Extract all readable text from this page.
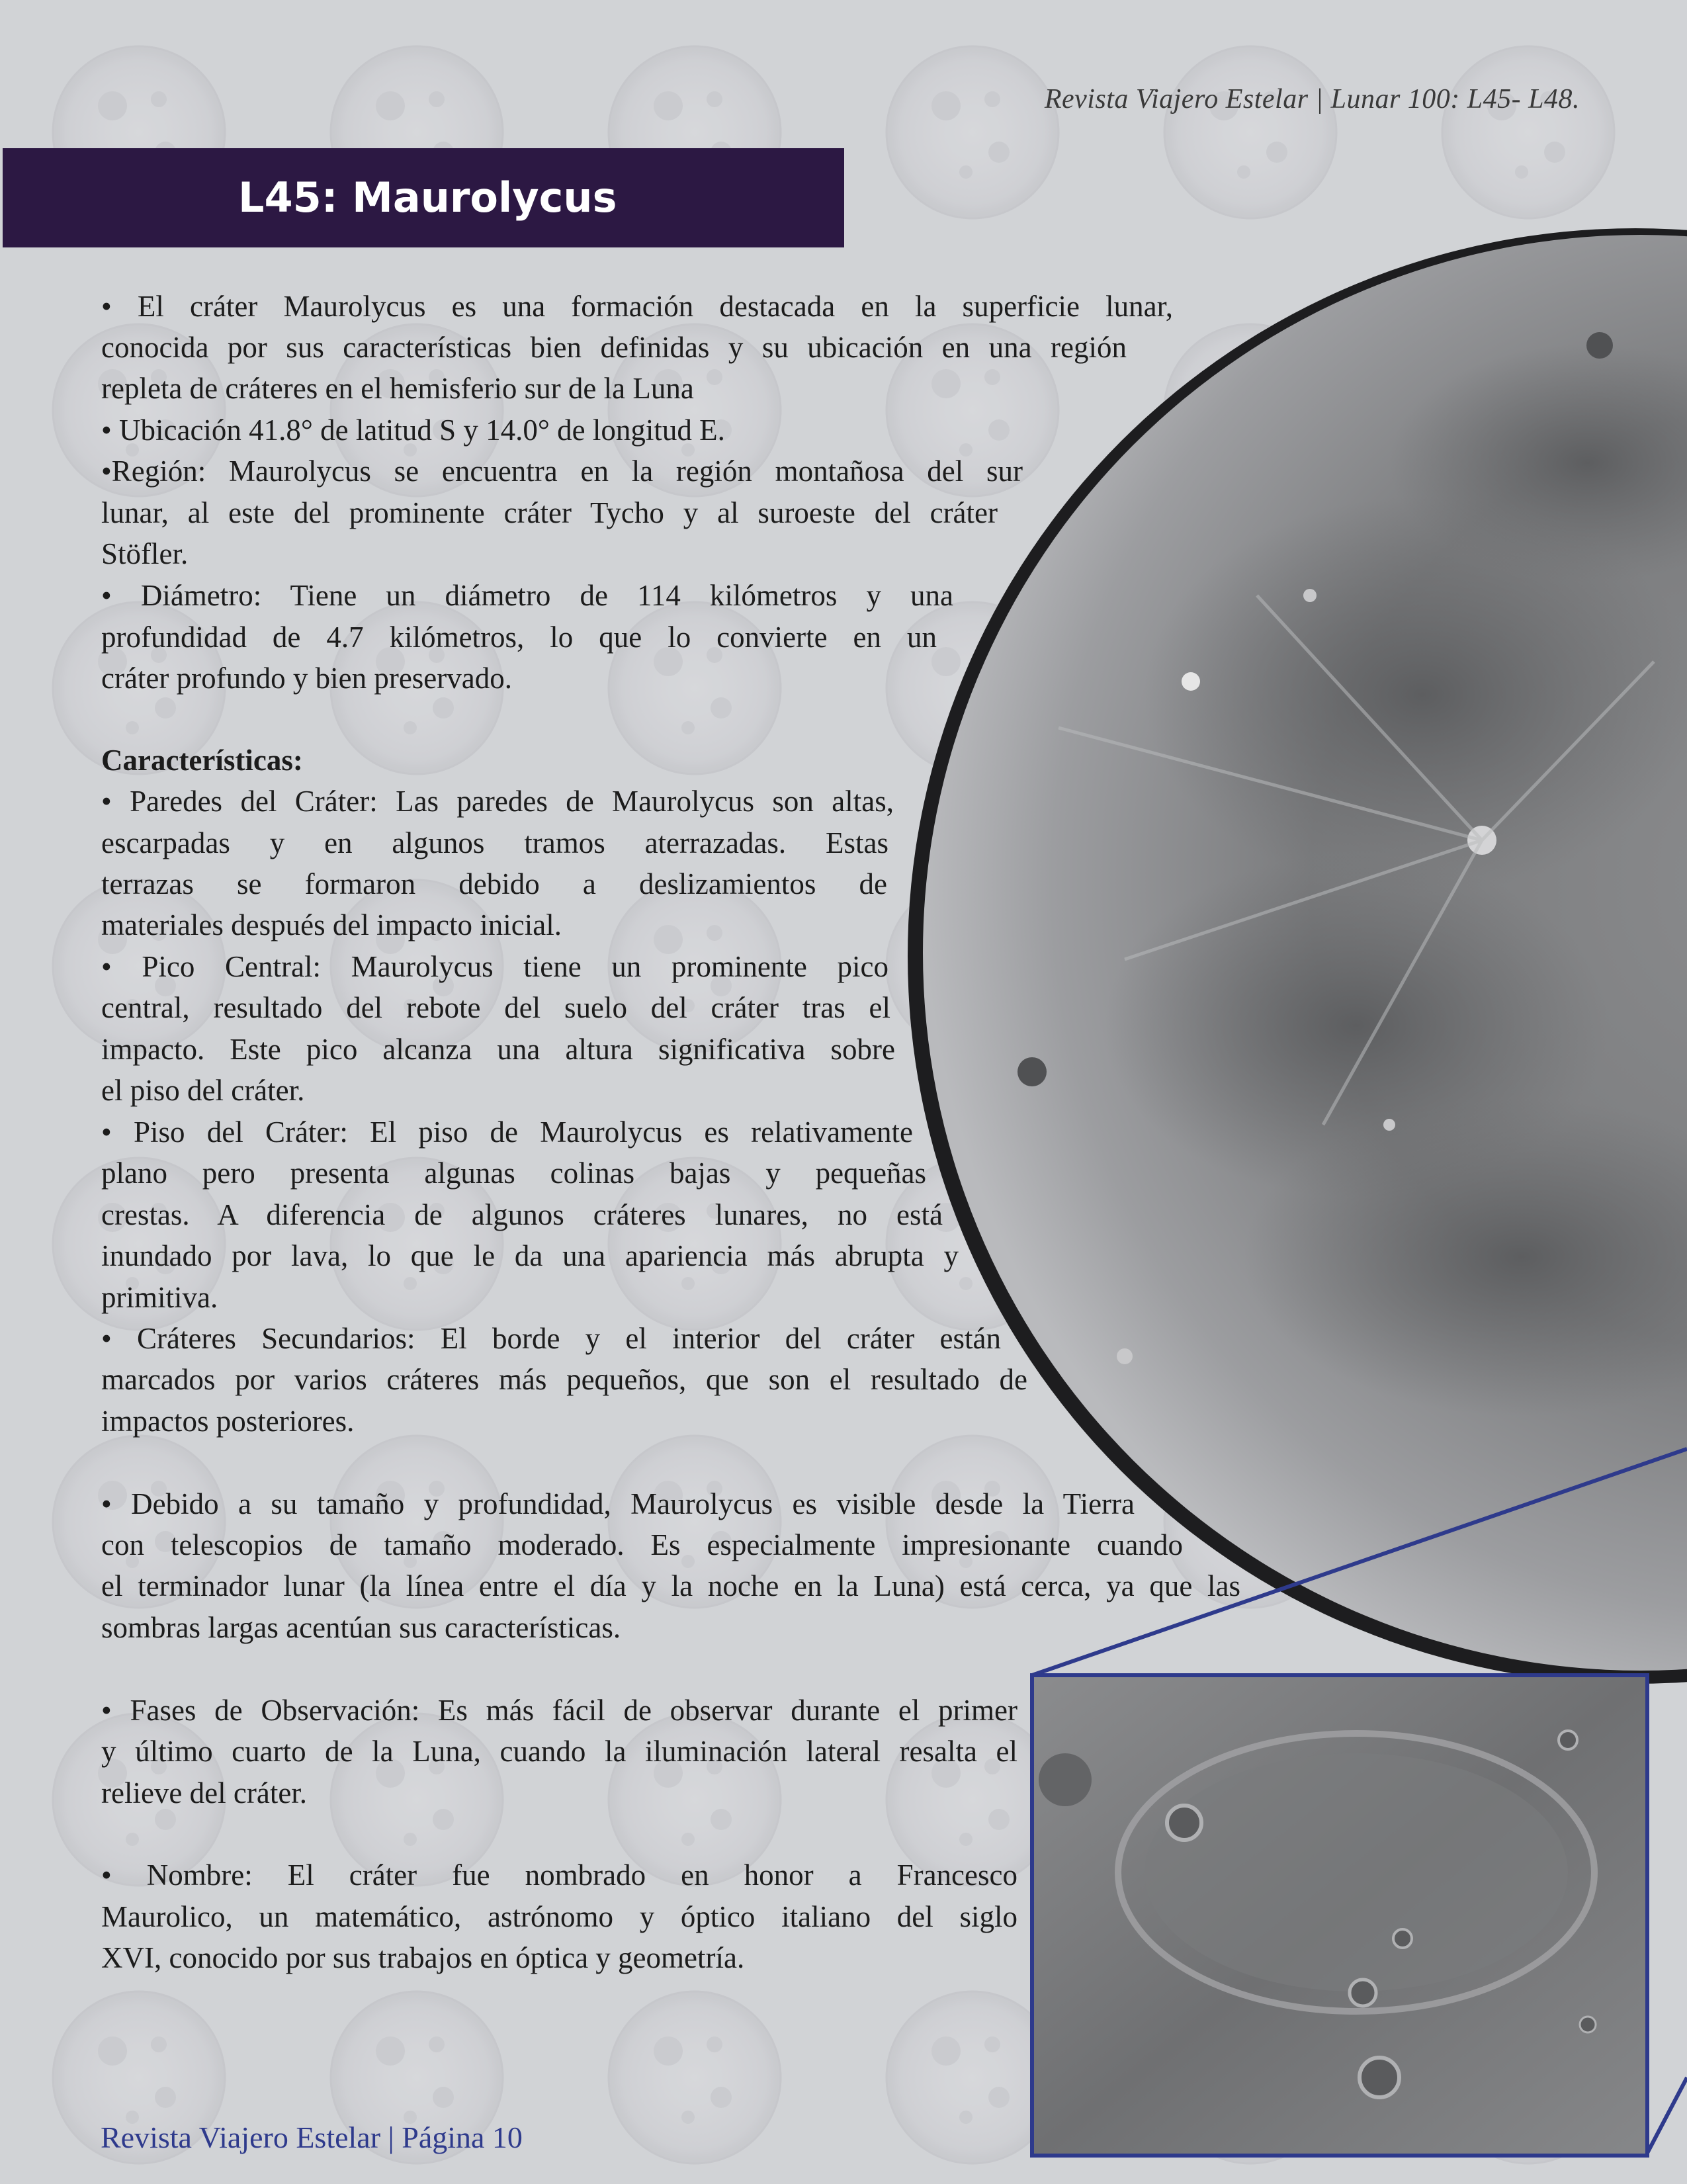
Revista Viajero Estelar | Lunar 100: L45- L48.
L45: Maurolycus
• El cráter Maurolycus es una formación destacada en la superficie lunar,
conocida por sus características bien definidas y su ubicación en una región
repleta de cráteres en el hemisferio sur de la Luna
• Ubicación 41.8° de latitud S y 14.0° de longitud E.
•Región: Maurolycus se encuentra en la región montañosa del sur
lunar, al este del prominente cráter Tycho y al suroeste del cráter
Stöfler.
• Diámetro: Tiene un diámetro de 114 kilómetros y una
profundidad de 4.7 kilómetros, lo que lo convierte en un
cráter profundo y bien preservado.
Características:
• Paredes del Cráter: Las paredes de Maurolycus son altas,
escarpadas y en algunos tramos aterrazadas. Estas
terrazas se formaron debido a deslizamientos de
materiales después del impacto inicial.
• Pico Central: Maurolycus tiene un prominente pico
central, resultado del rebote del suelo del cráter tras el
impacto. Este pico alcanza una altura significativa sobre
el piso del cráter.
• Piso del Cráter: El piso de Maurolycus es relativamente
plano pero presenta algunas colinas bajas y pequeñas
crestas. A diferencia de algunos cráteres lunares, no está
inundado por lava, lo que le da una apariencia más abrupta y
primitiva.
• Cráteres Secundarios: El borde y el interior del cráter están
marcados por varios cráteres más pequeños, que son el resultado de
impactos posteriores.
• Debido a su tamaño y profundidad, Maurolycus es visible desde la Tierra
con telescopios de tamaño moderado. Es especialmente impresionante cuando
el terminador lunar (la línea entre el día y la noche en la Luna) está cerca, ya que las
sombras largas acentúan sus características.
• Fases de Observación: Es más fácil de observar durante el primer
y último cuarto de la Luna, cuando la iluminación lateral resalta el
relieve del cráter.
• Nombre: El cráter fue nombrado en honor a Francesco
Maurolico, un matemático, astrónomo y óptico italiano del siglo
XVI, conocido por sus trabajos en óptica y geometría.
Revista Viajero Estelar | Página 10
